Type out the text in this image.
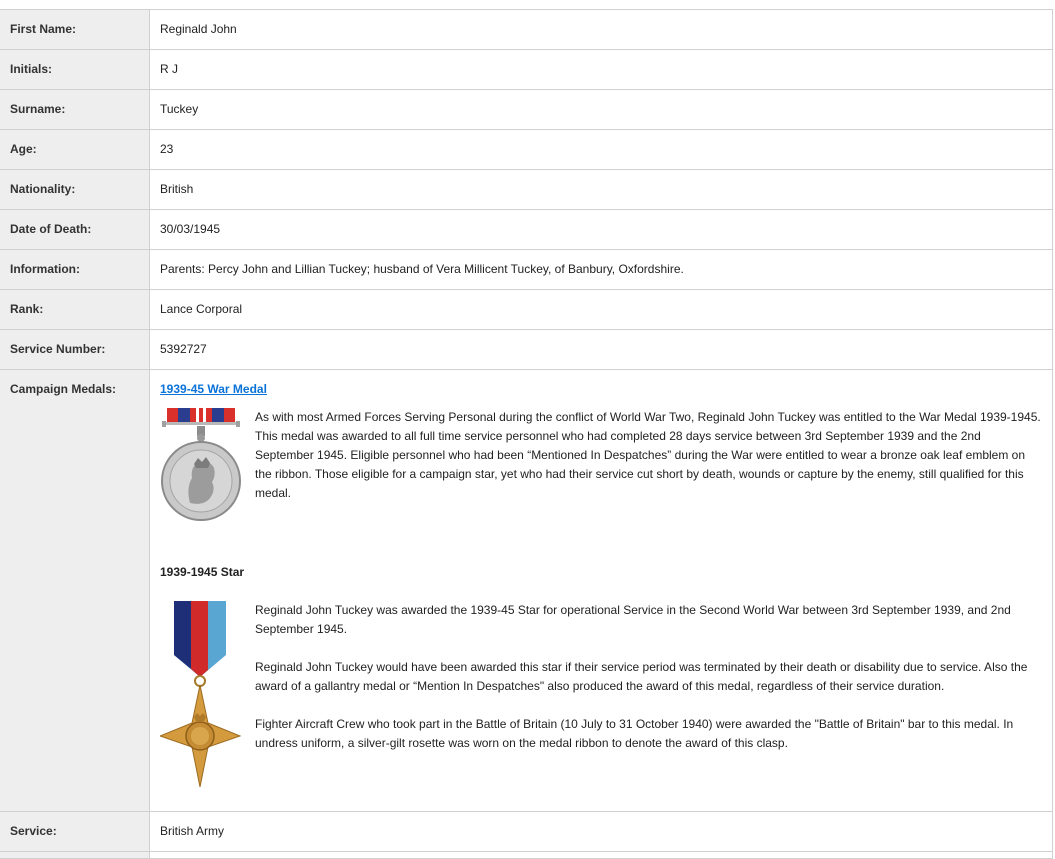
First Name:	Reginald John
Initials:	R J
Surname:	Tuckey
Age:	23
Nationality:	British
Date of Death:	30/03/1945
Information:	Parents: Percy John and Lillian Tuckey; husband of Vera Millicent Tuckey, of Banbury, Oxfordshire.
Rank:	Lance Corporal
Service Number:	5392727
Campaign Medals:	1939-45 War Medal

As with most Armed Forces Serving Personal during the conflict of World War Two, Reginald John Tuckey was entitled to the War Medal 1939-1945. This medal was awarded to all full time service personnel who had completed 28 days service between 3rd September 1939 and the 2nd September 1945. Eligible personnel who had been “Mentioned In Despatches” during the War were entitled to wear a bronze oak leaf emblem on the ribbon. Those eligible for a campaign star, yet who had their service cut short by death, wounds or capture by the enemy, still qualified for this medal.

1939-1945 Star

Reginald John Tuckey was awarded the 1939-45 Star for operational Service in the Second World War between 3rd September 1939, and 2nd September 1945.

Reginald John Tuckey would have been awarded this star if their service period was terminated by their death or disability due to service. Also the award of a gallantry medal or “Mention In Despatches" also produced the award of this medal, regardless of their service duration.

Fighter Aircraft Crew who took part in the Battle of Britain (10 July to 31 October 1940) were awarded the "Battle of Britain" bar to this medal. In undress uniform, a silver-gilt rosette was worn on the medal ribbon to denote the award of this clasp.

Service:	British Army
